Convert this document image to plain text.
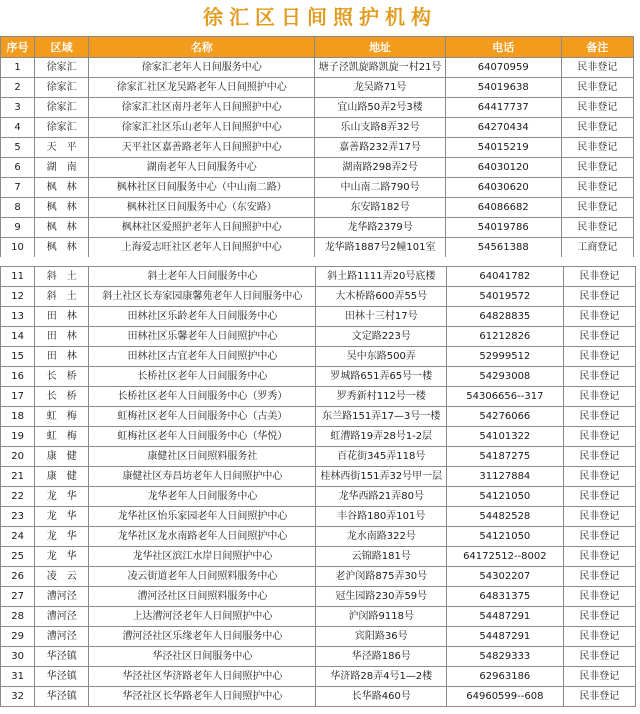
徐汇区日间照护机构
序号	区域	名称	地址	电话	备注
1	徐家汇	徐家汇老年人日间服务中心	塘子泾凯旋路凯旋一村21号	64070959	民非登记
2	徐家汇	徐家汇社区龙吴路老年人日间照护中心	龙吴路71号	54019638	民非登记
3	徐家汇	徐家汇社区南丹老年人日间照护中心	宜山路50弄2号3楼	64417737	民非登记
4	徐家汇	徐家汇社区乐山老年人日间照护中心	乐山支路8弄32号	64270434	民非登记
5	天　平	天平社区嘉善路老年人日间照护中心	嘉善路232弄17号	54015219	民非登记
6	湖　南	湖南老年人日间服务中心	湖南路298弄2号	64030120	民非登记
7	枫　林	枫林社区日间服务中心（中山南二路）	中山南二路790号	64030620	民非登记
8	枫　林	枫林社区日间服务中心（东安路）	东安路182号	64086682	民非登记
9	枫　林	枫林社区爱照护老年人日间照护中心	龙华路2379号	54019786	民非登记
10	枫　林	上海爱志旺社区老年人日间照护中心	龙华路1887号2幢101室	54561388	工商登记
11	斜　土	斜土老年人日间服务中心	斜土路1111弄20号底楼	64041782	民非登记
12	斜　土	斜土社区长寿家园康馨苑老年人日间服务中心	大木桥路600弄55号	54019572	民非登记
13	田　林	田林社区乐龄老年人日间服务中心	田林十三村17号	64828835	民非登记
14	田　林	田林社区乐馨老年人日间照护中心	文定路223号	61212826	民非登记
15	田　林	田林社区古宜老年人日间照护中心	吴中东路500弄	52999512	民非登记
16	长　桥	长桥社区老年人日间服务中心	罗城路651弄65号一楼	54293008	民非登记
17	长　桥	长桥社区老年人日间服务中心（罗秀）	罗秀新村112号一楼	54306656--317	民非登记
18	虹　梅	虹梅社区老年人日间服务中心（古美）	东兰路151弄17—3号一楼	54276066	民非登记
19	虹　梅	虹梅社区老年人日间服务中心（华悦）	虹漕路19弄28号1-2层	54101322	民非登记
20	康　健	康健社区日间照料服务社	百花街345弄118号	54187275	民非登记
21	康　健	康健社区寿昌坊老年人日间照护中心	桂林西街151弄32号甲一层	31127884	民非登记
22	龙　华	龙华老年人日间服务中心	龙华西路21弄80号	54121050	民非登记
23	龙　华	龙华社区怡乐家园老年人日间照护中心	丰谷路180弄101号	54482528	民非登记
24	龙　华	龙华社区龙水南路老年人日间照护中心	龙水南路322号	54121050	民非登记
25	龙　华	龙华社区滨江水岸日间照护中心	云锦路181号	64172512--8002	民非登记
26	凌　云	凌云街道老年人日间照料服务中心	老沪闵路875弄30号	54302207	民非登记
27	漕河泾	漕河泾社区日间照料服务中心	冠生园路230弄59号	64831375	民非登记
28	漕河泾	上达漕河泾老年人日间照护中心	沪闵路9118号	54487291	民非登记
29	漕河泾	漕河泾社区乐缘老年人日间服务中心	宾阳路36号	54487291	民非登记
30	华泾镇	华泾社区日间服务中心	华泾路186号	54829333	民非登记
31	华泾镇	华泾社区华济路老年人日间照护中心	华济路28弄4号1—2楼	62963186	民非登记
32	华泾镇	华泾社区长华路老年人日间照护中心	长华路460号	64960599--608	民非登记
